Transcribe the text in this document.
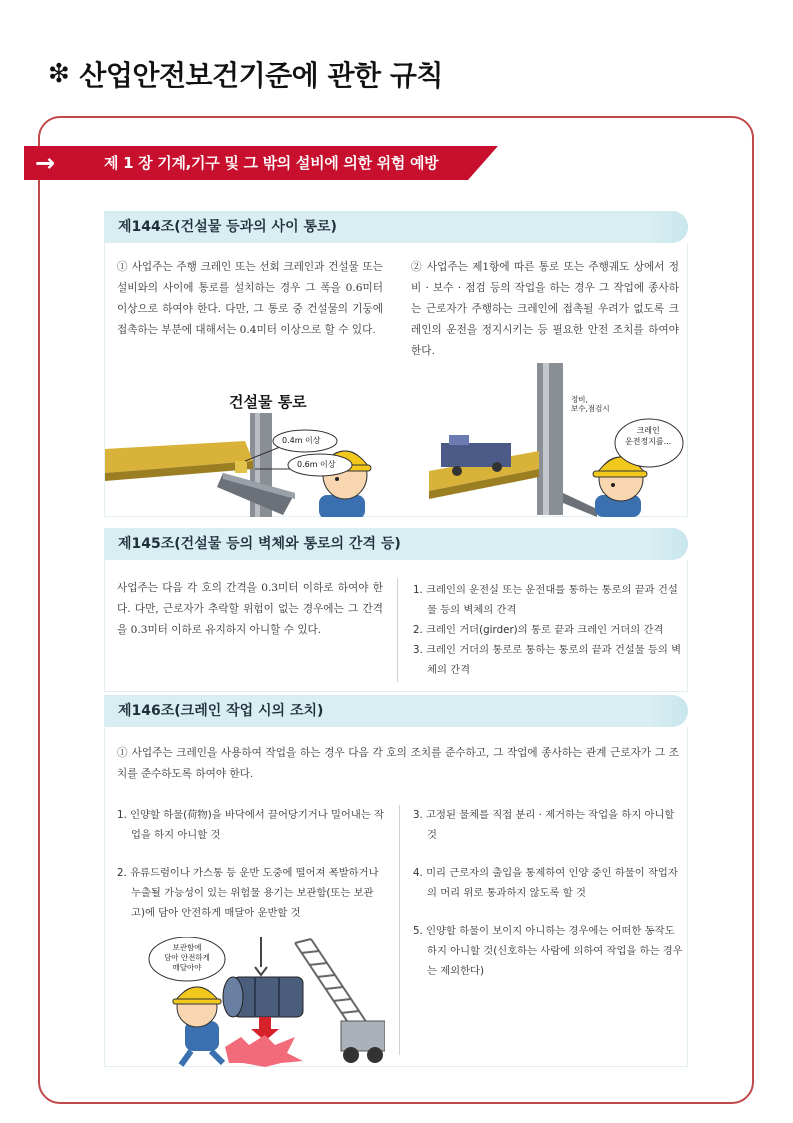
❇ 산업안전보건기준에 관한 규칙
→	제 1 장 기계,기구 및 그 밖의 설비에 의한 위험 예방
제144조(건설물 등과의 사이 통로)
① 사업주는 주행 크레인 또는 선회 크레인과 건설물 또는 설비와의 사이에 통로를 설치하는 경우 그 폭을 0.6미터 이상으로 하여야 한다. 다만, 그 통로 중 건설물의 기둥에 접촉하는 부분에 대해서는 0.4미터 이상으로 할 수 있다.
② 사업주는 제1항에 따른 통로 또는 주행궤도 상에서 정비 · 보수 · 점검 등의 작업을 하는 경우 그 작업에 종사하는 근로자가 주행하는 크레인에 접촉될 우려가 없도록 크레인의 운전을 정지시키는 등 필요한 안전 조치를 하여야 한다.
건설물 통로
0.4m 이상
0.6m 이상
정비,
보수,점검시
크레인
운전정지를...
제145조(건설물 등의 벽체와 통로의 간격 등)
사업주는 다음 각 호의 간격을 0.3미터 이하로 하여야 한다. 다만, 근로자가 추락할 위험이 없는 경우에는 그 간격을 0.3미터 이하로 유지하지 아니할 수 있다.
1. 크레인의 운전실 또는 운전대를 통하는 통로의 끝과 건설물 등의 벽체의 간격
2. 크레인 거더(girder)의 통로 끝과 크레인 거더의 간격
3. 크레인 거더의 통로로 통하는 통로의 끝과 건설물 등의 벽체의 간격
제146조(크레인 작업 시의 조치)
① 사업주는 크레인을 사용하여 작업을 하는 경우 다음 각 호의 조치를 준수하고, 그 작업에 종사하는 관계 근로자가 그 조치를 준수하도록 하여야 한다.
1. 인양할 하물(荷物)을 바닥에서 끌어당기거나 밀어내는 작업을 하지 아니할 것
2. 유류드럼이나 가스통 등 운반 도중에 떨어져 폭발하거나 누출될 가능성이 있는 위험물 용기는 보관함(또는 보관고)에 담아 안전하게 매달아 운반할 것
3. 고정된 물체를 직접 분리 · 제거하는 작업을 하지 아니할 것
4. 미리 근로자의 출입을 통제하여 인양 중인 하물이 작업자의 머리 위로 통과하지 않도록 할 것
5. 인양할 하물이 보이지 아니하는 경우에는 어떠한 동작도 하지 아니할 것(신호하는 사람에 의하여 작업을 하는 경우는 제외한다)
보관함에
담아 안전하게
매달아야
